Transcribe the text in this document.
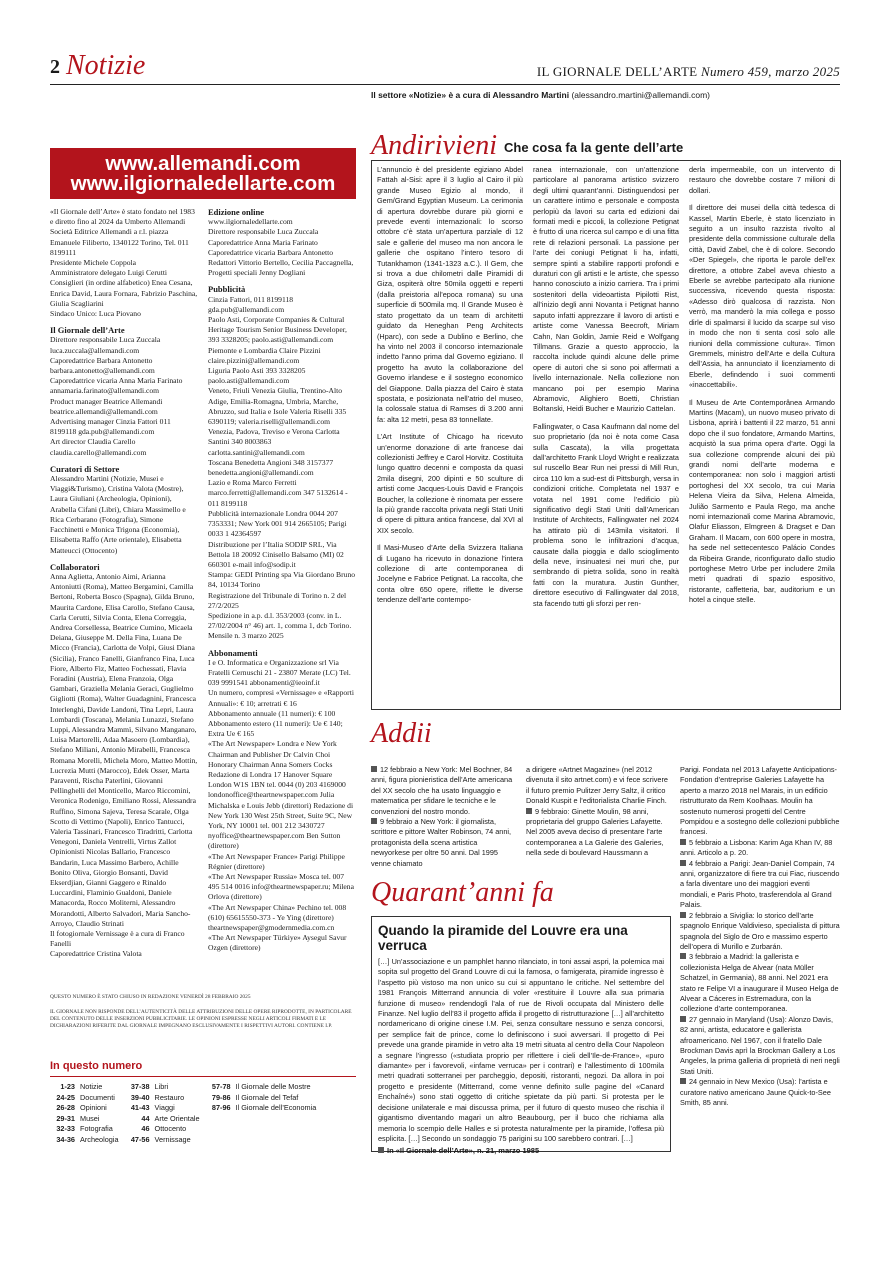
2 Notizie	IL GIORNALE DELL’ARTE Numero 459, marzo 2025
Il settore «Notizie» è a cura di Alessandro Martini (alessandro.martini@allemandi.com)
www.allemandi.com
www.ilgiornaledellarte.com

«Il Giornale dell’Arte» è stato fondato nel 1983 e diretto fino al 2024 da Umberto Allemandi

Società Editrice Allemandi a r.l. piazza Emanuele Filiberto, 1340122 Torino, Tel. 011 8199111

Presidente Michele Coppola

Amministratore delegato Luigi Cerutti

Consiglieri (in ordine alfabetico) Enea Cesana, Enrica David, Laura Fornara, Fabrizio Paschina, Giulia Scagliarini

Sindaco Unico: Luca Piovano

Il Giornale dell’Arte

Direttore responsabile Luca Zuccala luca.zuccala@allemandi.com

Caporedattrice Barbara Antonetto barbara.antonetto@allemandi.com

Caporedattrice vicaria Anna Maria Farinato annamaria.farinato@allemandi.com

Product manager Beatrice Allemandi beatrice.allemandi@allemandi.com

Advertising manager Cinzia Fattori 011 8199118 gda.pub@allemandi.com

Art director Claudia Carello claudia.carello@allemandi.com

Curatori di Settore

Alessandro Martini (Notizie, Musei e Viaggi&Turismo), Cristina Valota (Mostre), Laura Giuliani (Archeologia, Opinioni), Arabella Cifani (Libri), Chiara Massimello e Rica Cerbarano (Fotografia), Simone Facchinetti e Monica Trigona (Economia), Elisabetta Raffo (Arte orientale), Elisabetta Matteucci (Ottocento)

Collaboratori

Anna Aglietta, Antonio Aimi, Arianna Antoniutti (Roma), Matteo Bergamini, Camilla Bertoni, Roberta Bosco (Spagna), Gilda Bruno, Maurita Cardone, Elisa Carollo, Stefano Causa, Carla Cerutti, Silvia Conta, Elena Correggia, Andrea Corsellessa, Beatrice Cumino, Micaela Deiana, Giuseppe M. Della Fina, Luana De Micco (Francia), Carlotta de Volpi, Giusi Diana (Sicilia), Franco Fanelli, Gianfranco Fina, Luca Fiore, Alberto Fiz, Matteo Fochessati, Flavia Foradini (Austria), Elena Franzoia, Olga Gambari, Graziella Melania Geraci, Guglielmo Gigliotti (Roma), Walter Guadagnini, Francesca Interlenghi, Davide Landoni, Tina Lepri, Laura Lombardi (Toscana), Melania Lunazzi, Stefano Luppi, Alessandra Mammì, Silvano Manganaro, Luisa Martorelli, Adaa Masoero (Lombardia), Stefano Miliani, Antonio Mirabelli, Francesca Romana Morelli, Michela Moro, Matteo Mottin, Lucrezia Mutti (Marocco), Edek Osser, Marta Paraventi, Rischa Paterlini, Giovanni Pellinghelli del Monticello, Marco Riccomini, Veronica Rodenigo, Emiliano Rossi, Alessandra Ruffino, Simona Sajeva, Teresa Scarale, Olga Scotto di Vettimo (Napoli), Enrico Tantucci, Valeria Tassinari, Francesco Tiradritti, Carlotta Venegoni, Daniela Ventrelli, Virtus Zallot

Opinionisti Nicolas Ballario, Francesco Bandarin, Luca Massimo Barbero, Achille Bonito Oliva, Giorgio Bonsanti, David Ekserdjian, Gianni Gaggero e Rinaldo Luccardini, Flaminio Gualdoni, Daniele Manacorda, Rocco Moliterni, Alessandro Morandotti, Alberto Salvadori, Maria Sancho-Arroyo, Claudio Strinati

Il fotogiornale Vernissage è a cura di Franco Fanelli

Caporedattrice Cristina Valota

Edizione online

www.ilgiornaledellarte.com

Direttore responsabile Luca Zuccala

Caporedattrice Anna Maria Farinato

Caporedattrice vicaria Barbara Antonetto

Redattori Vittorio Bertello, Cecilia Paccagnella,

Progetti speciali Jenny Dogliani

Pubblicità

Cinzia Fattori, 011 8199118 gda.pub@allemandi.com

Paolo Asti, Corporate Companies & Cultural Heritage Tourism Senior Business Developer, 393 3328205; paolo.asti@allemandi.com

Piemonte e Lombardia Claire Pizzini claire.pizzini@allemandi.com

Liguria Paolo Asti 393 3328205 paolo.asti@allemandi.com

Veneto, Friuli Venezia Giulia, Trentino-Alto Adige, Emilia-Romagna, Umbria, Marche, Abruzzo, sud Italia e Isole Valeria Riselli 335 6390119; valeria.riselli@allemandi.com

Venezia, Padova, Treviso e Verona Carlotta Santini 340 8003863 carlotta.santini@allemandi.com

Toscana Benedetta Angioni 348 3157377 benedetta.angioni@allemandi.com

Lazio e Roma Marco Ferretti marco.ferretti@allemandi.com 347 5132614 - 011 8199118

Pubblicità internazionale Londra 0044 207 7353331; New York 001 914 2665105; Parigi 0033 1 42364597

Distribuzione per l’Italia SODIP SRL, Via Bettola 18 20092 Cinisello Balsamo (MI) 02 660301 e-mail info@sodip.it

Stampa: GEDI Printing spa Via Giordano Bruno 84, 10134 Torino

Registrazione del Tribunale di Torino n. 2 del 27/2/2025

Spedizione in a.p. d.l. 353/2003 (conv. in L. 27/02/2004 n° 46) art. 1, comma 1, dcb Torino.

Mensile n. 3 marzo 2025

Abbonamenti

I e O. Informatica e Organizzazione srl Via Fratelli Cernuschi 21 - 23807 Merate (LC) Tel. 039 9991541 abbonamenti@ieoinf.it

Un numero, compresi «Vernissage» e «Rapporti Annuali»: € 10; arretrati € 16

Abbonamento annuale (11 numeri): € 100

Abbonamento estero (11 numeri): Ue € 140; Extra Ue € 165

«The Art Newspaper» Londra e New York Chairman and Publisher Dr Calvin Choi Honorary Chairman Anna Somers Cocks Redazione di Londra 17 Hanover Square London W1S 1BN tel. 0044 (0) 203 4169000 londonoffice@theartnewspaper.com Julia Michalska e Louis Jebb (direttori) Redazione di New York 130 West 25th Street, Suite 9C, New York, NY 10001 tel. 001 212 3430727 nyoffice@theartnewspaper.com Ben Sutton (direttore)

«The Art Newspaper France» Parigi Philippe Régnier (direttore)

«The Art Newspaper Russia» Mosca tel. 007 495 514 0016 info@theartnewspaper.ru; Milena Orlova (direttore)

«The Art Newspaper China» Pechino tel. 008 (610) 65615550-373 - Ye Ying (direttore) theartnewspaper@gmodernmedia.com.cn

«The Art Newspaper Türkiye» Aysegul Savur Ozgen (direttore)

QUESTO NUMERO È STATO CHIUSO IN REDAZIONE VENERDÌ 28 FEBBRAIO 2025

IL GIORNALE NON RISPONDE DELL’AUTENTICITÀ DELLE ATTRIBUZIONI DELLE OPERE RIPRODOTTE, IN PARTICOLARE DEL CONTENUTO DELLE INSERZIONI PUBBLICITARIE. LE OPINIONI ESPRESSE NEGLI ARTICOLI FIRMATI E LE DICHIARAZIONI RIFERITE DAL GIORNALE IMPEGNANO ESCLUSIVAMENTE I RISPETTIVI AUTORI. CONTIENE I.P.

In questo numero
1-23 Notizie
24-25 Documenti
26-28 Opinioni
29-31 Musei
32-33 Fotografia
34-36 Archeologia
37-38 Libri
39-40 Restauro
41-43 Viaggi
44 Arte Orientale
46 Ottocento
47-56 Vernissage
57-78 Il Giornale delle Mostre
79-86 Il Giornale del Tefaf
87-96 Il Giornale dell’Economia
Andirivieni Che cosa fa la gente dell’arte

L’annuncio è del presidente egiziano Abdel Fattah al-Sisi: apre il 3 luglio al Cairo il più grande Museo Egizio al mondo, il Gem/Grand Egyptian Museum. La cerimonia di apertura dovrebbe durare più giorni e prevede eventi internazionali: lo scorso ottobre c’è stata un’apertura parziale di 12 sale e gallerie del museo ma non ancora le gallerie che ospitano l’intero tesoro di Tutankhamon (1341-1323 a.C.). Il Gem, che si trova a due chilometri dalle Piramidi di Giza, ospiterà oltre 50mila oggetti e reperti (dalla preistoria all’epoca romana) su una superficie di 500mila mq. Il Grande Museo è stato progettato da un team di architetti guidato da Heneghan Peng Architects (Hparc), con sede a Dublino e Berlino, che ha vinto nel 2003 il concorso internazionale indetto l’anno prima dal Governo egiziano. Il progetto ha avuto la collaborazione del Governo irlandese e il sostegno economico del Giappone. Dalla piazza del Cairo è stata spostata, e posizionata nell’atrio del museo, la colossale statua di Ramses di 3.200 anni fa: alta 12 metri, pesa 83 tonnellate.

L’Art Institute of Chicago ha ricevuto un’enorme donazione di arte francese dai collezionisti Jeffrey e Carol Horvitz. Costituita lungo quattro decenni e composta da quasi 2mila disegni, 200 dipinti e 50 sculture di artisti come Jacques-Louis David e François Boucher, la collezione è rinomata per essere la più grande raccolta privata negli Stati Uniti di opere di pittura antica francese, dal XVI al XIX secolo.

Il Masi-Museo d’Arte della Svizzera Italiana di Lugano ha ricevuto in donazione l’intera collezione di arte contemporanea di Jocelyne e Fabrice Petignat. La raccolta, che conta oltre 650 opere, riflette le diverse tendenze dell’arte contempo-

ranea internazionale, con un’attenzione particolare al panorama artistico svizzero degli ultimi quarant’anni. Distinguendosi per un carattere intimo e personale e composta perlopiù da lavori su carta ed edizioni dai formati medi e piccoli, la collezione Petignat è frutto di una ricerca sul campo e di una fitta rete di relazioni personali. La passione per l’arte dei coniugi Petignat li ha, infatti, sempre spinti a stabilire rapporti profondi e duraturi con gli artisti e le artiste, che spesso hanno conosciuto a inizio carriera. Tra i primi sostenitori della videoartista Pipilotti Rist, all’inizio degli anni Novanta i Petignat hanno saputo infatti apprezzare il lavoro di artisti e artiste come Vanessa Beecroft, Miriam Cahn, Nan Goldin, Jamie Reid e Wolfgang Tillmans. Grazie a questo approccio, la raccolta include quindi alcune delle prime opere di autori che si sono poi affermati a livello internazionale. Nella collezione non mancano poi per esempio Marina Abramovic, Alighiero Boetti, Christian Boltanski, Heidi Bucher e Maurizio Cattelan.

Fallingwater, o Casa Kaufmann dal nome del suo proprietario (da noi è nota come Casa sulla Cascata), la villa progettata dall’architetto Frank Lloyd Wright e realizzata sul ruscello Bear Run nei pressi di Mill Run, circa 110 km a sud-est di Pittsburgh, versa in condizioni critiche. Completata nel 1937 e votata nel 1991 come l’edificio più significativo degli Stati Uniti dall’American Institute of Architects, Fallingwater nel 2024 ha attirato più di 143mila visitatori. Il problema sono le infiltrazioni d’acqua, causate dalla pioggia e dallo scioglimento della neve, insinuatesi nei muri che, pur sembrando di pietra solida, sono in realtà fatti con la muratura. Justin Gunther, direttore esecutivo di Fallingwater dal 2018, sta facendo tutti gli sforzi per ren-

derla impermeabile, con un intervento di restauro che dovrebbe costare 7 milioni di dollari.

Il direttore dei musei della città tedesca di Kassel, Martin Eberle, è stato licenziato in seguito a un insulto razzista rivolto al presidente della commissione culturale della città, David Zabel, che è di colore. Secondo «Der Spiegel», che riporta le parole dell’ex direttore, a ottobre Zabel aveva chiesto a Eberle se avrebbe partecipato alla riunione successiva, ricevendo questa risposta: «Adesso dirò qualcosa di razzista. Non verrò, ma manderò la mia collega e posso dirle di spalmarsi il lucido da scarpe sul viso in modo che non ti senta così solo alle riunioni della commissione cultura». Timon Gremmels, ministro dell’Arte e della Cultura dell’Assia, ha annunciato il licenziamento di Eberle, defindendo i suoi commenti «inaccettabili».

Il Museu de Arte Contemporânea Armando Martins (Macam), un nuovo museo privato di Lisbona, aprirà i battenti il 22 marzo, 51 anni dopo che il suo fondatore, Armando Martins, acquistò la sua prima opera d’arte. Oggi la sua collezione comprende alcuni dei più grandi nomi dell’arte moderna e contemporanea: non solo i maggiori artisti portoghesi del XX secolo, tra cui Maria Helena Vieira da Silva, Helena Almeida, Julião Sarmento e Paula Rego, ma anche nomi internazionali come Marina Abramovic, Olafur Eliasson, Elmgreen & Dragset e Dan Graham. Il Macam, con 600 opere in mostra, ha sede nel settecentesco Palácio Condes da Ribeira Grande, riconfigurato dallo studio portoghese Metro Urbe per includere 2mila metri quadrati di spazio espositivo, ristorante, caffetteria, bar, auditorium e un hotel a cinque stelle.

Addii

12 febbraio a New York: Mel Bochner, 84 anni, figura pionieristica dell’Arte americana del XX secolo che ha usato linguaggio e matematica per sfidare le tecniche e le convenzioni del nostro mondo.

9 febbraio a New York: il giornalista, scrittore e pittore Walter Robinson, 74 anni, protagonista della scena artistica newyorkese per oltre 50 anni. Dal 1995 venne chiamato

a dirigere «Artnet Magazine» (nel 2012 divenuta il sito artnet.com) e vi fece scrivere il futuro premio Pulitzer Jerry Saltz, il critico Donald Kuspit e l’editorialista Charlie Finch.

9 febbraio: Ginette Moulin, 98 anni, proprietaria del gruppo Galeries Lafayette. Nel 2005 aveva deciso di presentare l’arte contemporanea a La Galerie des Galeries, nella sede di boulevard Haussmann a

Parigi. Fondata nel 2013 Lafayette Anticipations-Fondation d’entreprise Galeries Lafayette ha aperto a marzo 2018 nel Marais, in un edificio ristrutturato da Rem Koolhaas. Moulin ha sostenuto numerosi progetti del Centre Pompidou e a sostegno delle collezioni pubbliche francesi.

5 febbraio a Lisbona: Karim Aga Khan IV, 88 anni. Articolo a p. 20.

4 febbraio a Parigi: Jean-Daniel Compain, 74 anni, organizzatore di fiere tra cui Fiac, riuscendo a farla diventare uno dei maggiori eventi mondiali, e Paris Photo, trasferendola al Grand Palais.

2 febbraio a Siviglia: lo storico dell’arte spagnolo Enrique Valdivieso, specialista di pittura spagnola del Siglo de Oro e massimo esperto dell’opera di Murillo e Zurbarán.

3 febbraio a Madrid: la gallerista e collezionista Helga de Alvear (nata Müller Schatzel, in Germania), 88 anni. Nel 2021 era stato re Felipe VI a inaugurare il Museo Helga de Alvear a Cáceres in Estremadura, con la collezione d’arte contemporanea.

27 gennaio in Maryland (Usa): Alonzo Davis, 82 anni, artista, educatore e gallerista afroamericano. Nel 1967, con il fratello Dale Brockman Davis aprì la Brockman Gallery a Los Angeles, la prima galleria di proprietà di neri negli Stati Uniti.

24 gennaio in New Mexico (Usa): l’artista e curatore nativo americano Jaune Quick-to-See Smith, 85 anni.

Quarant’anni fa
Quando la piramide del Louvre era una verruca
[…] Un’associazione e un pamphlet hanno rilanciato, in toni assai aspri, la polemica mai sopita sul progetto del Grand Louvre di cui la famosa, o famigerata, piramide ingresso è l’aspetto più vistoso ma non unico su cui si appuntano le critiche. Nel settembre del 1981 François Mitterrand annuncia di voler «restituire il Louvre alla sua primaria funzione di museo» rendendogli l’ala of rue de Rivoli occupata dal Ministero delle Finanze. Nel luglio dell’83 il progetto affida il progetto di ristrutturazione […] all’architetto nordamericano di origine cinese I.M. Pei, senza consultare nessuno e senza concorsi, per semplice fait de prince, come lo definiscono i suoi avversari. Il progetto di Pei prevede una grande piramide in vetro alta 19 metri situata al centro della Cour Napoleon a segnare l’ingresso («studiata proprio per riflettere i cieli dell’Ile-de-France», «puro diamante» per i favorevoli, «infame verruca» per i contrari) e l’allestimento di 100mila metri quadrati sotterranei per parcheggio, depositi, ristoranti, negozi. Da allora in poi progetto e presidente (Mitterrand, come venne definito sulle pagine del «Canard Enchaîné») sono stati oggetto di critiche spietate da più parti. Si protesta per le decisione unilaterale e mai discussa prima, per il futuro di questo museo che rischia il gigantismo diventando magari un altro Beaubourg, per il buco che richiama alla memoria lo scempio delle Halles e si protesta naturalmente per la piramide, l’offesa più esplicita. […] Secondo un sondaggio 75 parigini su 100 sarebbero contrari. […]
In «Il Giornale dell’Arte», n. 21, marzo 1985
